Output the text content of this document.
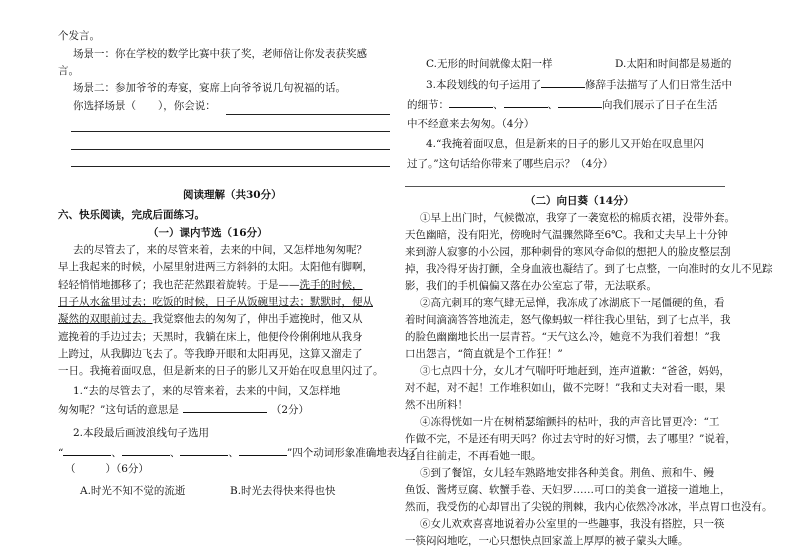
个发言。
场景一：你在学校的数学比赛中获了奖，老师倍让你发表获奖感
言。
场景二：参加爷爷的寿宴，宴席上向爷爷说几句祝福的话。
你选择场景（ ），你会说：
阅读理解（共30分）
六、快乐阅读，完成后面练习。
（一）课内节选（16分）
去的尽管去了，来的尽管来着，去来的中间，又怎样地匆匆呢？
早上我起来的时候，小屋里射进两三方斜斜的太阳。太阳他有脚啊，
轻轻悄悄地挪移了；我也茫茫然跟着旋转。于是——洗手的时候，
日子从水盆里过去；吃饭的时候，日子从饭碗里过去；默默时，便从
凝然的双眼前过去。我觉察他去的匆匆了，伸出手遮挽时，他又从
遮挽着的手边过去；天黑时，我躺在床上，他便伶伶俐俐地从我身
上跨过，从我脚边飞去了。等我睁开眼和太阳再见，这算又溜走了
一日。我掩着面叹息，但是新来的日子的影儿又开始在叹息里闪过了。
1.“去的尽管去了，来的尽管来着，去来的中间，又怎样地
匆匆呢？”这句话的意思是	（2分）
2.本段最后画波浪线句子选用
“	、	、	、	”四个动词形象准确地表达了
（	）（6分）
A.时光不知不觉的流逝	B.时光去得快来得也快
C.无形的时间就像太阳一样	D.太阳和时间都是易逝的
3.本段划线的句子运用了	修辞手法描写了人们日常生活中
的细节：	、	、	向我们展示了日子在生活
中不经意来去匆匆。（4分）
4.“我掩着面叹息，但是新来的日子的影儿又开始在叹息里闪
过了。”这句话给你带来了哪些启示？（4分）
（二）向日葵（14分）
①早上出门时，气候微凉，我穿了一袭宽松的棉质衣裙，没带外套。
天色幽暗，没有阳光，傍晚时气温骤然降至6℃。我和丈夫早上十分钟
来到游人寂寥的小公园，那种刺骨的寒风夺命似的想把人的脸皮整层刮
掉，我冷得牙齿打颤，全身血液也凝结了。到了七点整，一向准时的女儿不见踪
影，我们的手机偏偏又落在办公室忘了带，无法联系。
②高亢刺耳的寒气肆无忌惮，我冻成了冰湖底下一尾僵硬的鱼，看
着时间滴滴答答地流走，怒气像蚂蚁一样往我心里钻，到了七点半，我
的脸色幽幽地长出一层青苔。“天气这么冷，她竟不为我们着想！”我
口出怨言，“简直就是个工作狂！”
③七点四十分，女儿才气喘吁吁地赶到，连声道歉：“爸爸，妈妈，
对不起，对不起！工作堆积如山，做不完呀！”我和丈夫对看一眼，果
然不出所料！
④冻得恍如一片在树梢瑟缩颤抖的枯叶，我的声音比冒更冷：“工
作做不完，不是还有明天吗？你过去守时的好习惯，去了哪里？”说着，
径自往前走，不再看她一眼。
⑤到了餐馆，女儿轻车熟路地安排各种美食。荆鱼、煎和牛、鳗
鱼饭、酱烤豆腐、软蟹手卷、天妇罗……可口的美食一道接一道地上，
然而，我受伤的心却冒出了尖锐的荆棘，我内心依然冷冰冰，半点胃口也没有。
⑥女儿欢欢喜喜地说着办公室里的一些趣事，我没有搭腔，只一筷
一筷闷闷地吃，一心只想快点回家盖上厚厚的被子蒙头大睡。
